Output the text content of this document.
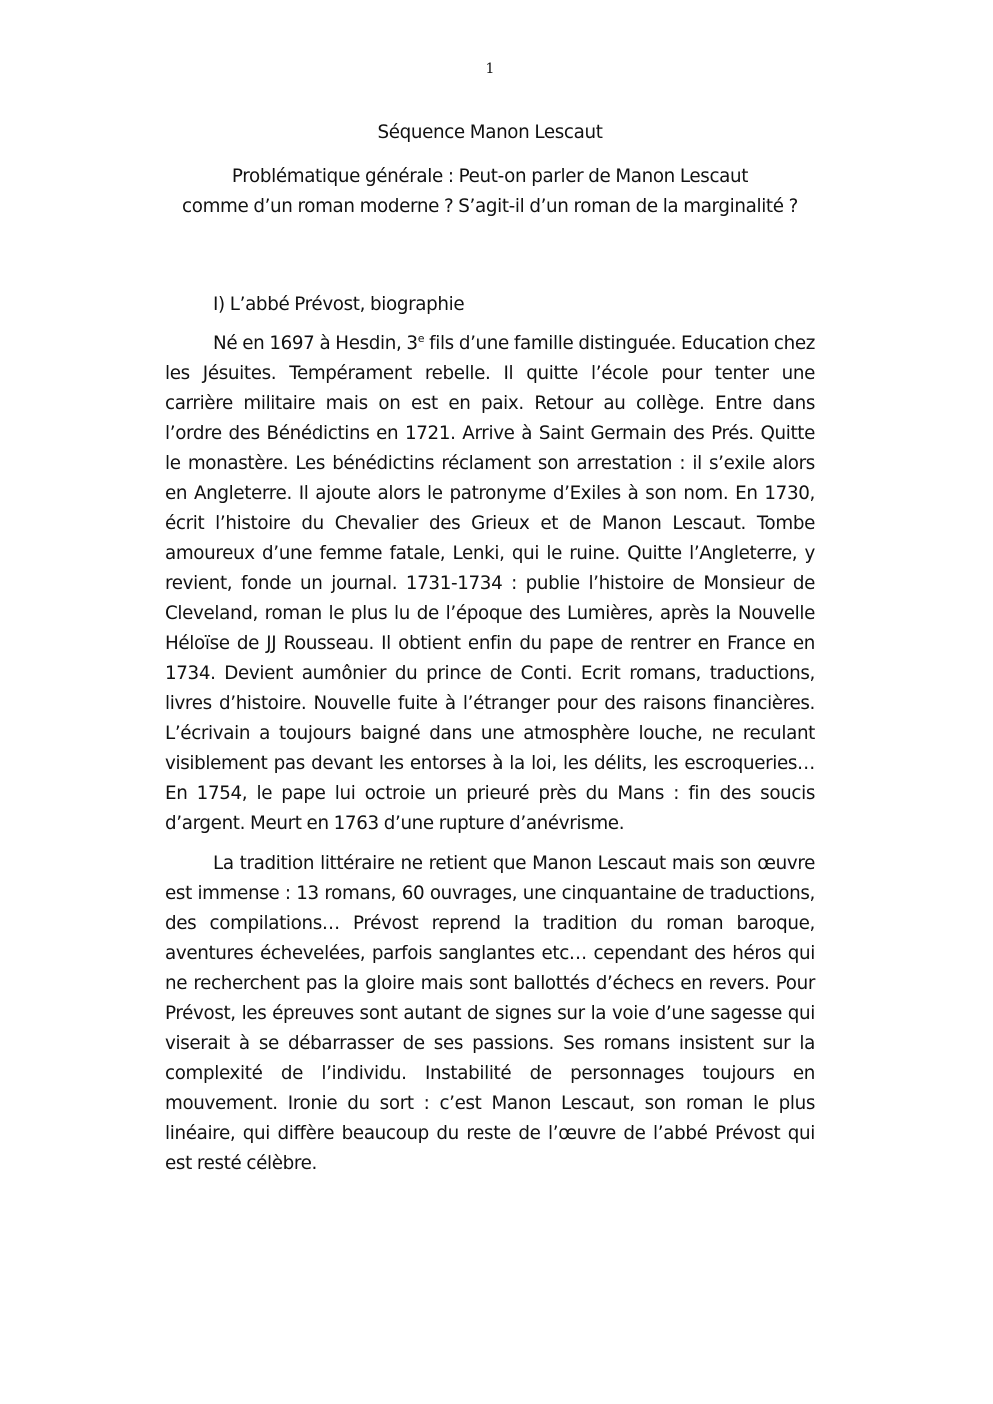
1

Séquence Manon Lescaut

Problématique générale : Peut-on parler de Manon Lescaut
comme d’un roman moderne ? S’agit-il d’un roman de la marginalité ?

I) L’abbé Prévost, biographie

Né en 1697 à Hesdin, 3e fils d’une famille distinguée. Education chez les Jésuites. Tempérament rebelle. Il quitte l’école pour tenter une carrière militaire mais on est en paix. Retour au collège. Entre dans l’ordre des Bénédictins en 1721. Arrive à Saint Germain des Prés. Quitte le monastère. Les bénédictins réclament son arrestation : il s’exile alors en Angleterre. Il ajoute alors le patronyme d’Exiles à son nom. En 1730, écrit l’histoire du Chevalier des Grieux et de Manon Lescaut. Tombe amoureux d’une femme fatale, Lenki, qui le ruine. Quitte l’Angleterre, y revient, fonde un journal. 1731-1734 : publie l’histoire de Monsieur de Cleveland, roman le plus lu de l’époque des Lumières, après la Nouvelle Héloïse de JJ Rousseau. Il obtient enfin du pape de rentrer en France en 1734. Devient aumônier du prince de Conti. Ecrit romans, traductions, livres d’histoire. Nouvelle fuite à l’étranger pour des raisons financières. L’écrivain a toujours baigné dans une atmosphère louche, ne reculant visiblement pas devant les entorses à la loi, les délits, les escroqueries… En 1754, le pape lui octroie un prieuré près du Mans : fin des soucis d’argent. Meurt en 1763 d’une rupture d’anévrisme.

La tradition littéraire ne retient que Manon Lescaut mais son œuvre est immense : 13 romans, 60 ouvrages, une cinquantaine de traductions, des compilations… Prévost reprend la tradition du roman baroque, aventures échevelées, parfois sanglantes etc… cependant des héros qui ne recherchent pas la gloire mais sont ballottés d’échecs en revers. Pour Prévost, les épreuves sont autant de signes sur la voie d’une sagesse qui viserait à se débarrasser de ses passions. Ses romans insistent sur la complexité de l’individu. Instabilité de personnages toujours en mouvement. Ironie du sort : c’est Manon Lescaut, son roman le plus linéaire, qui diffère beaucoup du reste de l’œuvre de l’abbé Prévost qui est resté célèbre.
